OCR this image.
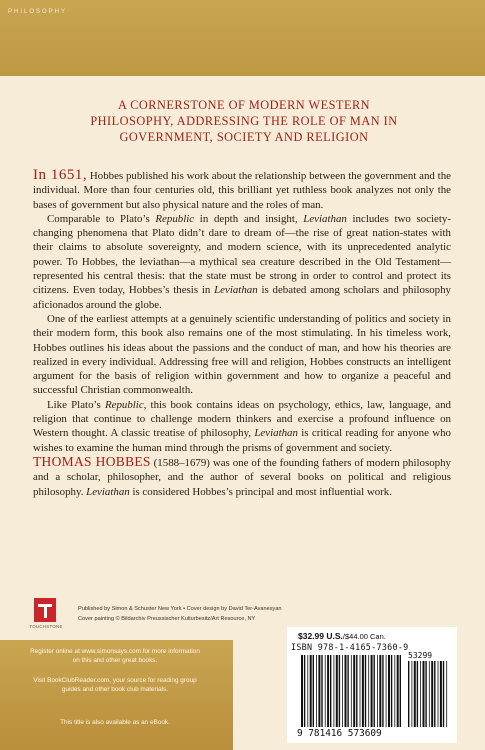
PHILOSOPHY
A CORNERSTONE OF MODERN WESTERN
PHILOSOPHY, ADDRESSING THE ROLE OF MAN IN
GOVERNMENT, SOCIETY AND RELIGION

In 1651, Hobbes published his work about the relationship between the government and the individual. More than four centuries old, this brilliant yet ruthless book analyzes not only the bases of government but also physical nature and the roles of man.

Comparable to Plato’s Republic in depth and insight, Leviathan includes two society-changing phenomena that Plato didn’t dare to dream of—the rise of great nation-states with their claims to absolute sovereignty, and modern science, with its unprecedented analytic power. To Hobbes, the leviathan—a mythical sea creature described in the Old Testament—represented his central thesis: that the state must be strong in order to control and protect its citizens. Even today, Hobbes’s thesis in Leviathan is debated among scholars and philosophy aficionados around the globe.

One of the earliest attempts at a genuinely scientific understanding of politics and society in their modern form, this book also remains one of the most stimulating. In his timeless work, Hobbes outlines his ideas about the passions and the conduct of man, and how his theories are realized in every individual. Addressing free will and religion, Hobbes constructs an intelligent argument for the basis of religion within government and how to organize a peaceful and successful Christian commonwealth.

Like Plato’s Republic, this book contains ideas on psychology, ethics, law, language, and religion that continue to challenge modern thinkers and exercise a profound influence on Western thought. A classic treatise of philosophy, Leviathan is critical reading for anyone who wishes to examine the human mind through the prisms of government and society.

THOMAS HOBBES (1588–1679) was one of the founding fathers of modern philosophy and a scholar, philosopher, and the author of several books on political and religious philosophy. Leviathan is considered Hobbes’s principal and most influential work.

TOUCHSTONE
Published by Simon & Schuster New York • Cover design by David Ter-Avanesyan
Cover painting © Bildarchiv Preussischer Kulturbesitz/Art Resource, NY

Register online at www.simonsays.com for more information on this and other great books.

Visit BookClubReader.com, your source for reading group guides and other book club materials.

This title is also available as an eBook.

$32.99 U.S./$44.00 Can.
ISBN 978-1-4165-7360-9
53299
9 781416 573609
